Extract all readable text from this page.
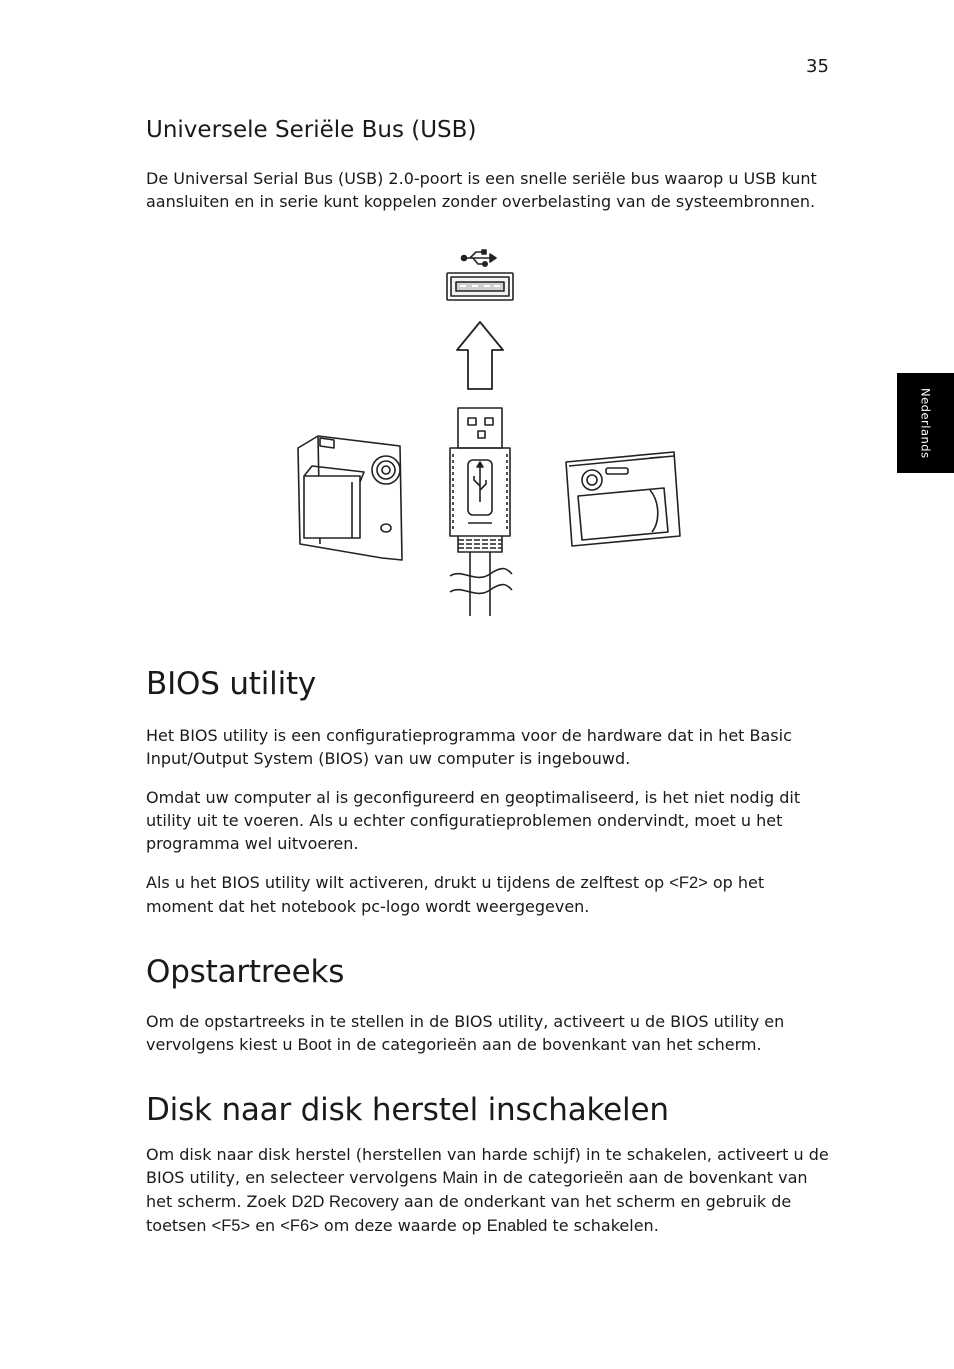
35
Nederlands
Universele Seriële Bus (USB)

De Universal Serial Bus (USB) 2.0-poort is een snelle seriële bus waarop u USB kunt aansluiten en in serie kunt koppelen zonder overbelasting van de systeembronnen.

BIOS utility

Het BIOS utility is een configuratieprogramma voor de hardware dat in het Basic Input/Output System (BIOS) van uw computer is ingebouwd.

Omdat uw computer al is geconfigureerd en geoptimaliseerd, is het niet nodig dit utility uit te voeren. Als u echter configuratieproblemen ondervindt, moet u het programma wel uitvoeren.

Als u het BIOS utility wilt activeren, drukt u tijdens de zelftest op <F2> op het moment dat het notebook pc-logo wordt weergegeven.

Opstartreeks

Om de opstartreeks in te stellen in de BIOS utility, activeert u de BIOS utility en vervolgens kiest u Boot in de categorieën aan de bovenkant van het scherm.

Disk naar disk herstel inschakelen

Om disk naar disk herstel (herstellen van harde schijf) in te schakelen, activeert u de BIOS utility, en selecteer vervolgens Main in de categorieën aan de bovenkant van het scherm. Zoek D2D Recovery aan de onderkant van het scherm en gebruik de toetsen <F5> en <F6> om deze waarde op Enabled te schakelen.
